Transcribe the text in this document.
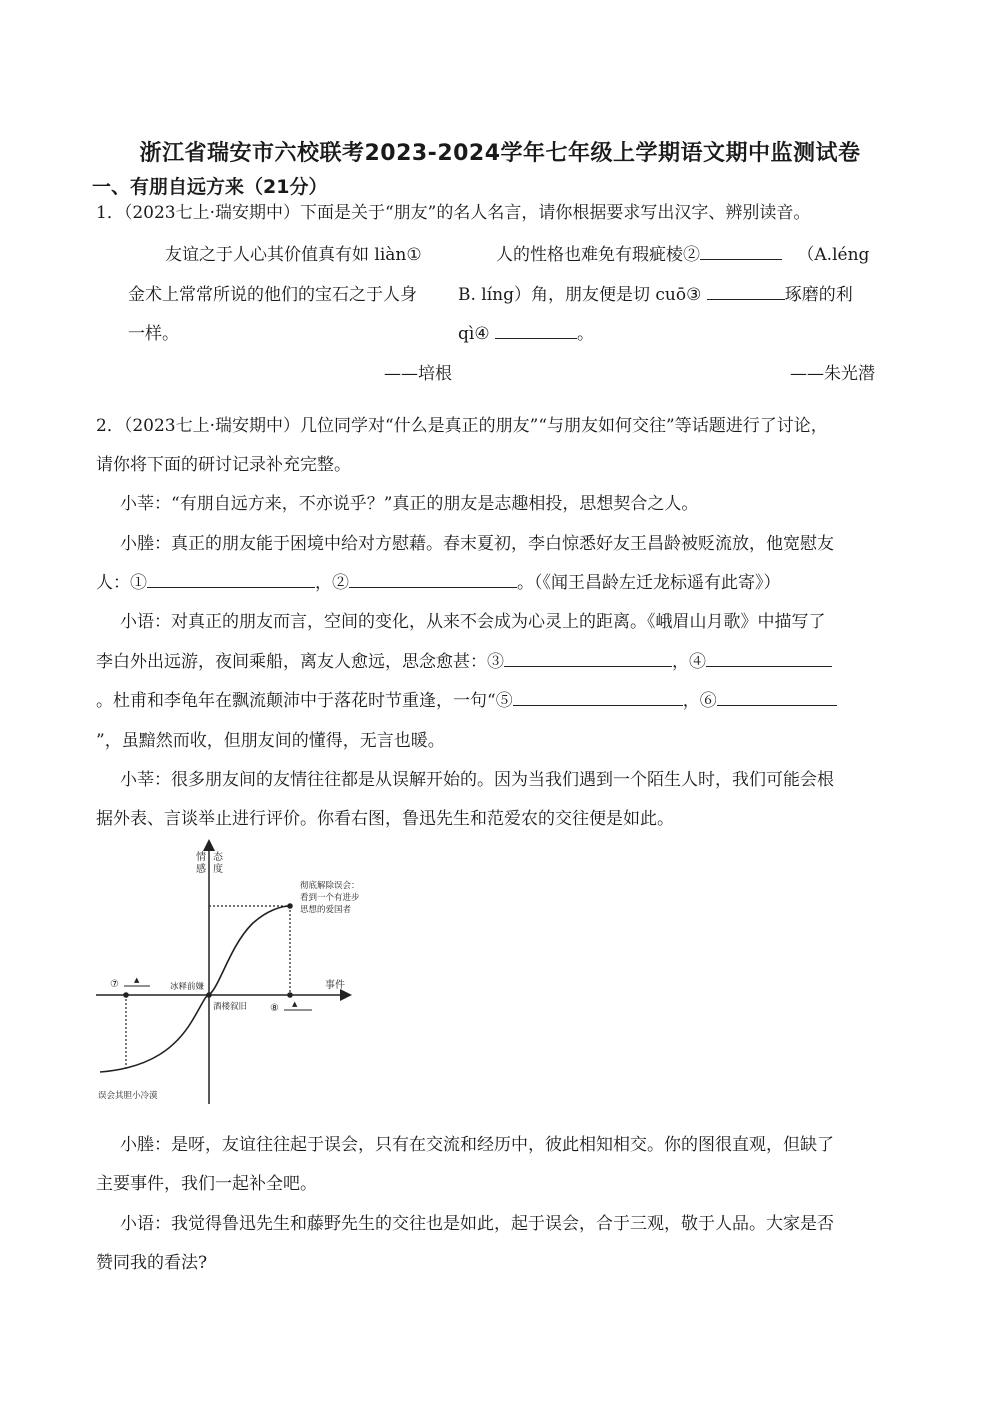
浙江省瑞安市六校联考2023-2024学年七年级上学期语文期中监测试卷
一、有朋自远方来（21分）
1．（2023七上·瑞安期中）下面是关于“朋友”的名人名言，请你根据要求写出汉字、辨别读音。
友谊之于人心其价值真有如 liàn①
金术上常常所说的他们的宝石之于人身
一样。
——培根
人的性格也难免有瑕疵棱②	（A.léng
B. líng）角，朋友便是切 cuō③	琢磨的利
qì④	。
——朱光潜
2．（2023七上·瑞安期中）几位同学对“什么是真正的朋友”“与朋友如何交往”等话题进行了讨论，
请你将下面的研讨记录补充完整。
小莘：“有朋自远方来，不亦说乎？”真正的朋友是志趣相投，思想契合之人。
小塍：真正的朋友能于困境中给对方慰藉。春末夏初，李白惊悉好友王昌龄被贬流放，他宽慰友
人：①	，②	。（《闻王昌龄左迁龙标遥有此寄》）
小语：对真正的朋友而言，空间的变化，从来不会成为心灵上的距离。《峨眉山月歌》中描写了
李白外出远游，夜间乘船，离友人愈远，思念愈甚：③	，④
。杜甫和李龟年在飘流颠沛中于落花时节重逢，一句“⑤	，⑥
”，虽黯然而收，但朋友间的懂得，无言也暖。
小莘：很多朋友间的友情往往都是从误解开始的。因为当我们遇到一个陌生人时，我们可能会根
据外表、言谈举止进行评价。你看右图，鲁迅先生和范爱农的交往便是如此。
情
感
态
度
事件
彻底解除误会：
看到一个有进步
思想的爱国者
冰释前嫌
酒楼叙旧
误会其胆小冷漠
⑦ ▲
⑧ ▲
小塍：是呀，友谊往往起于误会，只有在交流和经历中，彼此相知相交。你的图很直观，但缺了
主要事件，我们一起补全吧。
小语：我觉得鲁迅先生和藤野先生的交往也是如此，起于误会，合于三观，敬于人品。大家是否
赞同我的看法?
